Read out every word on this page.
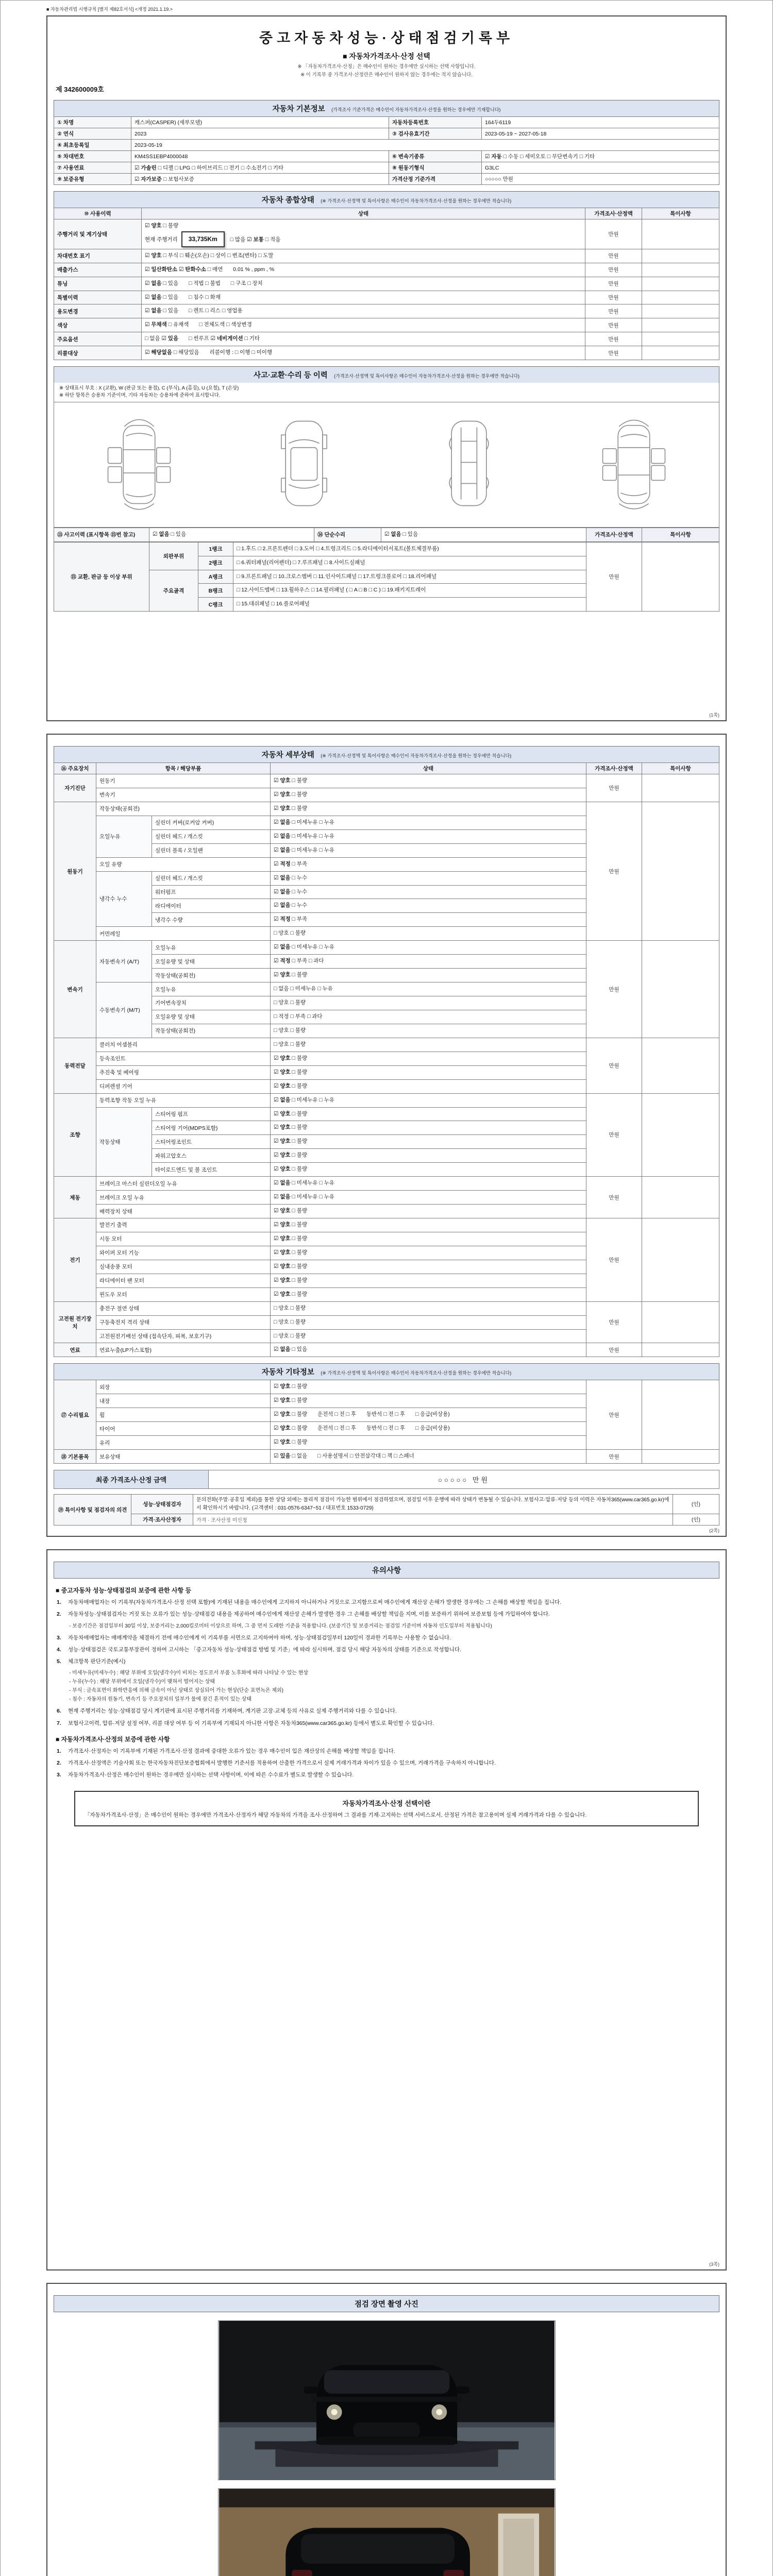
■ 자동차관리법 시행규칙 [별지 제82호서식] <개정 2021.1.19.>
중고자동차성능·상태점검기록부
■ 자동차가격조사·산정 선택
※ 「자동차가격조사·산정」은 매수인이 원하는 경우에만 실시하는 선택 사항입니다.
※ 이 기록부 중 가격조사·산정란은 매수인이 원하지 않는 경우에는 적지 않습니다.
제 342600009호
자동차 기본정보 (가격조사 기준가격은 매수인이 자동차가격조사·산정을 원하는 경우에만 기재합니다)
① 차명	캐스퍼(CASPER) (세부모델)	자동차등록번호	164두6119
② 연식	2023	③ 검사유효기간	2023-05-19 ~ 2027-05-18
④ 최초등록일	2023-05-19		
⑤ 차대번호	KM4SS1EBP4000048	⑥ 변속기종류	☑ 자동 □ 수동 □ 세미오토 □ 무단변속기 □ 기타
⑦ 사용연료	☑ 가솔린 □ 디젤 □ LPG □ 하이브리드 □ 전기 □ 수소전기 □ 기타	⑧ 원동기형식	G3LC
⑨ 보증유형	☑ 자가보증 □ 보험사보증	가격산정 기준가격	○○○○○ 만원
자동차 종합상태 (※ 가격조사·산정액 및 특이사항은 매수인이 자동차가격조사·산정을 원하는 경우에만 적습니다)
⑩ 사용이력	상태	가격조사·산정액	특이사항
주행거리 및 계기상태	☑ 양호 □ 불량
현재 주행거리 33,735Km □ 많음 ☑ 보통 □ 적음	만원	
차대번호 표기	☑ 양호 □ 부식 □ 훼손(오손) □ 상이 □ 변조(변타) □ 도말	만원	
배출가스	☑ 일산화탄소 ☑ 탄화수소 □ 매연 0.01 % , ppm , %	만원	
튜닝	☑ 없음 □ 있음 □ 적법 □ 불법 □ 구조 □ 장치	만원	
특별이력	☑ 없음 □ 있음 □ 침수 □ 화재	만원	
용도변경	☑ 없음 □ 있음 □ 렌트 □ 리스 □ 영업용	만원	
색상	☑ 무채색 □ 유채색 □ 전체도색 □ 색상변경	만원	
주요옵션	□ 없음 ☑ 있음 □ 썬루프 ☑ 네비게이션 □ 기타	만원	
리콜대상	☑ 해당없음 □ 해당있음 리콜이행 : □ 이행 □ 미이행	만원	
사고·교환·수리 등 이력 (가격조사·산정액 및 특이사항은 매수인이 자동차가격조사·산정을 원하는 경우에만 적습니다)
※ 상태표시 부호 : X (교환), W (판금 또는 용접), C (부식), A (흠집), U (요철), T (손상)
※ 하단 항목은 승용차 기준이며, 기타 자동차는 승용차에 준하여 표시합니다.
⑬ 사고이력 (표시항목 ⑮번 참고)	☑ 없음 □ 있음	⑭ 단순수리	☑ 없음 □ 있음	가격조사·산정액	특이사항
⑮ 교환, 판금 등 이상 부위	외판부위	1랭크	□ 1.후드 □ 2.프론트펜더 □ 3.도어 □ 4.트렁크리드 □ 5.라디에이터서포트(볼트체결부품)	만원	
		2랭크	□ 6.쿼터패널(리어펜더) □ 7.루프패널 □ 8.사이드실패널		
	주요골격	A랭크	□ 9.프론트패널 □ 10.크로스멤버 □ 11.인사이드패널 □ 17.트렁크플로어 □ 18.리어패널		
		B랭크	□ 12.사이드멤버 □ 13.휠하우스 □ 14.필러패널 ( □ A □ B □ C ) □ 19.패키지트레이		
		C랭크	□ 15.대쉬패널 □ 16.플로어패널		
(1쪽)
자동차 세부상태 (※ 가격조사·산정액 및 특이사항은 매수인이 자동차가격조사·산정을 원하는 경우에만 적습니다)
⑯ 주요장치	항목 / 해당부품		상태	가격조사·산정액	특이사항
자기진단	원동기		☑ 양호 □ 불량	만원	
	변속기		☑ 양호 □ 불량		
원동기	작동상태(공회전)		☑ 양호 □ 불량	만원	
	오일누유	실린더 커버(로커암 커버)	☑ 없음 □ 미세누유 □ 누유		
		실린더 헤드 / 개스킷	☑ 없음 □ 미세누유 □ 누유		
		실린더 블록 / 오일팬	☑ 없음 □ 미세누유 □ 누유		
	오일 유량		☑ 적정 □ 부족		
	냉각수 누수	실린더 헤드 / 개스킷	☑ 없음 □ 누수		
		워터펌프	☑ 없음 □ 누수		
		라디에이터	☑ 없음 □ 누수		
		냉각수 수량	☑ 적정 □ 부족		
	커먼레일		□ 양호 □ 불량		
변속기	자동변속기 (A/T)	오일누유	☑ 없음 □ 미세누유 □ 누유	만원	
		오일유량 및 상태	☑ 적정 □ 부족 □ 과다		
		작동상태(공회전)	☑ 양호 □ 불량		
	수동변속기 (M/T)	오일누유	□ 없음 □ 미세누유 □ 누유		
		기어변속장치	□ 양호 □ 불량		
		오일유량 및 상태	□ 적정 □ 부족 □ 과다		
		작동상태(공회전)	□ 양호 □ 불량		
동력전달	클러치 어셈블리		□ 양호 □ 불량	만원	
	등속조인트		☑ 양호 □ 불량		
	추진축 및 베어링		☑ 양호 □ 불량		
	디퍼렌셜 기어		☑ 양호 □ 불량		
조향	동력조향 작동 오일 누유		☑ 없음 □ 미세누유 □ 누유	만원	
	작동상태	스티어링 펌프	☑ 양호 □ 불량		
		스티어링 기어(MDPS포함)	☑ 양호 □ 불량		
		스티어링조인트	☑ 양호 □ 불량		
		파워고압호스	☑ 양호 □ 불량		
		타이로드엔드 및 볼 조인트	☑ 양호 □ 불량		
제동	브레이크 마스터 실린더오일 누유		☑ 없음 □ 미세누유 □ 누유	만원	
	브레이크 오일 누유		☑ 없음 □ 미세누유 □ 누유		
	배력장치 상태		☑ 양호 □ 불량		
전기	발전기 출력		☑ 양호 □ 불량	만원	
	시동 모터		☑ 양호 □ 불량		
	와이퍼 모터 기능		☑ 양호 □ 불량		
	실내송풍 모터		☑ 양호 □ 불량		
	라디에이터 팬 모터		☑ 양호 □ 불량		
	윈도우 모터		☑ 양호 □ 불량		
고전원 전기장치	충전구 절연 상태		□ 양호 □ 불량	만원	
	구동축전지 격리 상태		□ 양호 □ 불량		
	고전원전기배선 상태 (접속단자, 피복, 보호기구)		□ 양호 □ 불량		
연료	연료누출(LP가스포함)		☑ 없음 □ 있음	만원	
자동차 기타정보 (※ 가격조사·산정액 및 특이사항은 매수인이 자동차가격조사·산정을 원하는 경우에만 적습니다)
⑰ 수리필요	외장	☑ 양호 □ 불량	만원	
	내장	☑ 양호 □ 불량		
	휠	☑ 양호 □ 불량 운전석 □ 전 □ 후 동반석 □ 전 □ 후 □ 응급(비상용)		
	타이어	☑ 양호 □ 불량 운전석 □ 전 □ 후 동반석 □ 전 □ 후 □ 응급(비상용)		
	유리	☑ 양호 □ 불량		
⑱ 기본품목	보유상태	☑ 있음 □ 없음 □ 사용설명서 □ 안전삼각대 □ 잭 □ 스패너	만원	
최종 가격조사·산정 금액	○○○○○ 만원
⑲ 특이사항 및 점검자의 의견	성능·상태점검자	문의전화(주말·공휴일 제외)를 통한 상담 외에는 물리적 점검이 가능한 범위에서 점검하였으며, 점검일 이후 운행에 따라 상태가 변동될 수 있습니다. 보험사고·압류·저당 등의 이력은 자동차365(www.car365.go.kr)에서 확인하시기 바랍니다. (고객센터 : 031-0576-6347~51 / 대표번호 1533-0729)	(인)
	가격·조사산정자	가격 · 조사산정 미신청	(인)
(2쪽)
유의사항
■ 중고자동차 성능·상태점검의 보증에 관한 사항 등
1.	자동차매매업자는 이 기록부(자동차가격조사·산정 선택 포함)에 기재된 내용을 매수인에게 고지하지 아니하거나 거짓으로 고지함으로써 매수인에게 재산상 손해가 발생한 경우에는 그 손해를 배상할 책임을 집니다.
2.	자동차성능·상태점검자는 거짓 또는 오류가 있는 성능·상태점검 내용을 제공하여 매수인에게 재산상 손해가 발생한 경우 그 손해를 배상할 책임을 지며, 이를 보증하기 위하여 보증보험 등에 가입하여야 합니다.
- 보증기간은 점검일부터 30일 이상, 보증거리는 2,000킬로미터 이상으로 하며, 그 중 먼저 도래한 기준을 적용합니다. (보증기간 및 보증거리는 점검일 기준이며 자동차 인도일부터 적용됩니다)
3.	자동차매매업자는 매매계약을 체결하기 전에 매수인에게 이 기록부를 서면으로 고지하여야 하며, 성능·상태점검일부터 120일이 경과한 기록부는 사용할 수 없습니다.
4.	성능·상태점검은 국토교통부장관이 정하여 고시하는 「중고자동차 성능·상태점검 방법 및 기준」에 따라 실시하며, 점검 당시 해당 자동차의 상태를 기준으로 작성합니다.
5.	체크항목 판단기준(예시)
- 미세누유(미세누수) : 해당 부위에 오일(냉각수)이 비치는 정도로서 부품 노후화에 따라 나타날 수 있는 현상
- 누유(누수) : 해당 부위에서 오일(냉각수)이 맺혀서 떨어지는 상태
- 부식 : 금속표면이 화학반응에 의해 금속이 아닌 상태로 상실되어 가는 현상(단순 표면녹은 제외)
- 침수 : 자동차의 원동기, 변속기 등 주요장치의 일부가 물에 잠긴 흔적이 있는 상태
6.	현재 주행거리는 성능·상태점검 당시 계기판에 표시된 주행거리를 기재하며, 계기판 고장·교체 등의 사유로 실제 주행거리와 다를 수 있습니다.
7.	보험사고이력, 압류·저당 설정 여부, 리콜 대상 여부 등 이 기록부에 기재되지 아니한 사항은 자동차365(www.car365.go.kr) 등에서 별도로 확인할 수 있습니다.
■ 자동차가격조사·산정의 보증에 관한 사항
1.	가격조사·산정자는 이 기록부에 기재된 가격조사·산정 결과에 중대한 오류가 있는 경우 매수인이 입은 재산상의 손해를 배상할 책임을 집니다.
2.	가격조사·산정액은 기술사회 또는 한국자동차진단보증협회에서 발행한 기준서를 적용하여 산출한 가격으로서 실제 거래가격과 차이가 있을 수 있으며, 거래가격을 구속하지 아니합니다.
3.	자동차가격조사·산정은 매수인이 원하는 경우에만 실시하는 선택 사항이며, 이에 따른 수수료가 별도로 발생할 수 있습니다.
자동차가격조사·산정 선택이란
「자동차가격조사·산정」은 매수인이 원하는 경우에만 가격조사·산정자가 해당 자동차의 가격을 조사·산정하여 그 결과를 기재·고지하는 선택 서비스로서, 산정된 가격은 참고용이며 실제 거래가격과 다를 수 있습니다.
(3쪽)
점검 장면 촬영 사진
